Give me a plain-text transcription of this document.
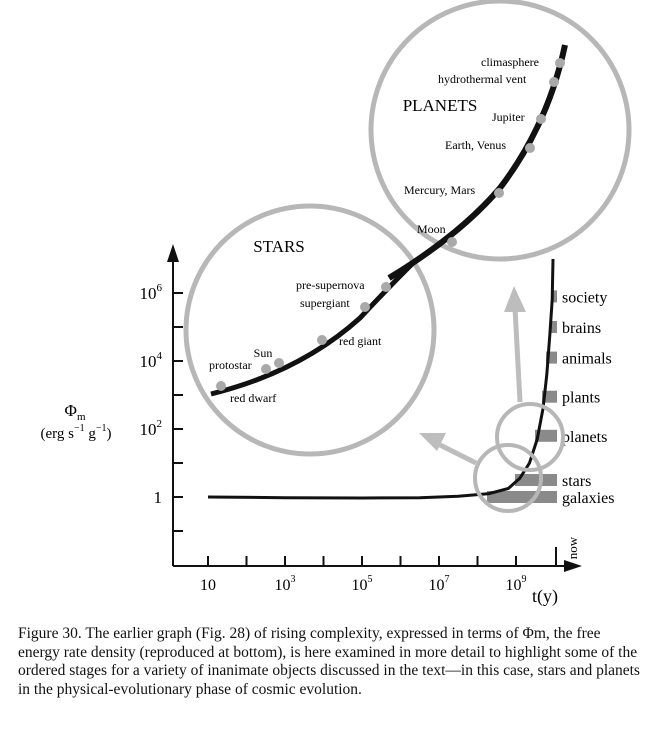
1
$10^2$
$10^4$
$10^6$
10	$10^3$	$10^5$	$10^7$	$10^9$
$\Phi_m$
(erg $s^{-1}$ $g^{-1}$)
t(y)
now
society
brains
animals
plants
planets
stars
galaxies
red dwarf
protostar
Sun
red giant
supergiant
pre-supernova
STARS
Moon
Mercury, Mars
Earth, Venus
Jupiter
hydrothermal vent
climasphere
PLANETS

Figure 30. The earlier graph (Fig. 28) of rising complexity, expressed in terms of Φm, the free energy rate density (reproduced at bottom), is here examined in more detail to highlight some of the ordered stages for a variety of inanimate objects discussed in the text—in this case, stars and planets in the physical-evolutionary phase of cosmic evolution.
